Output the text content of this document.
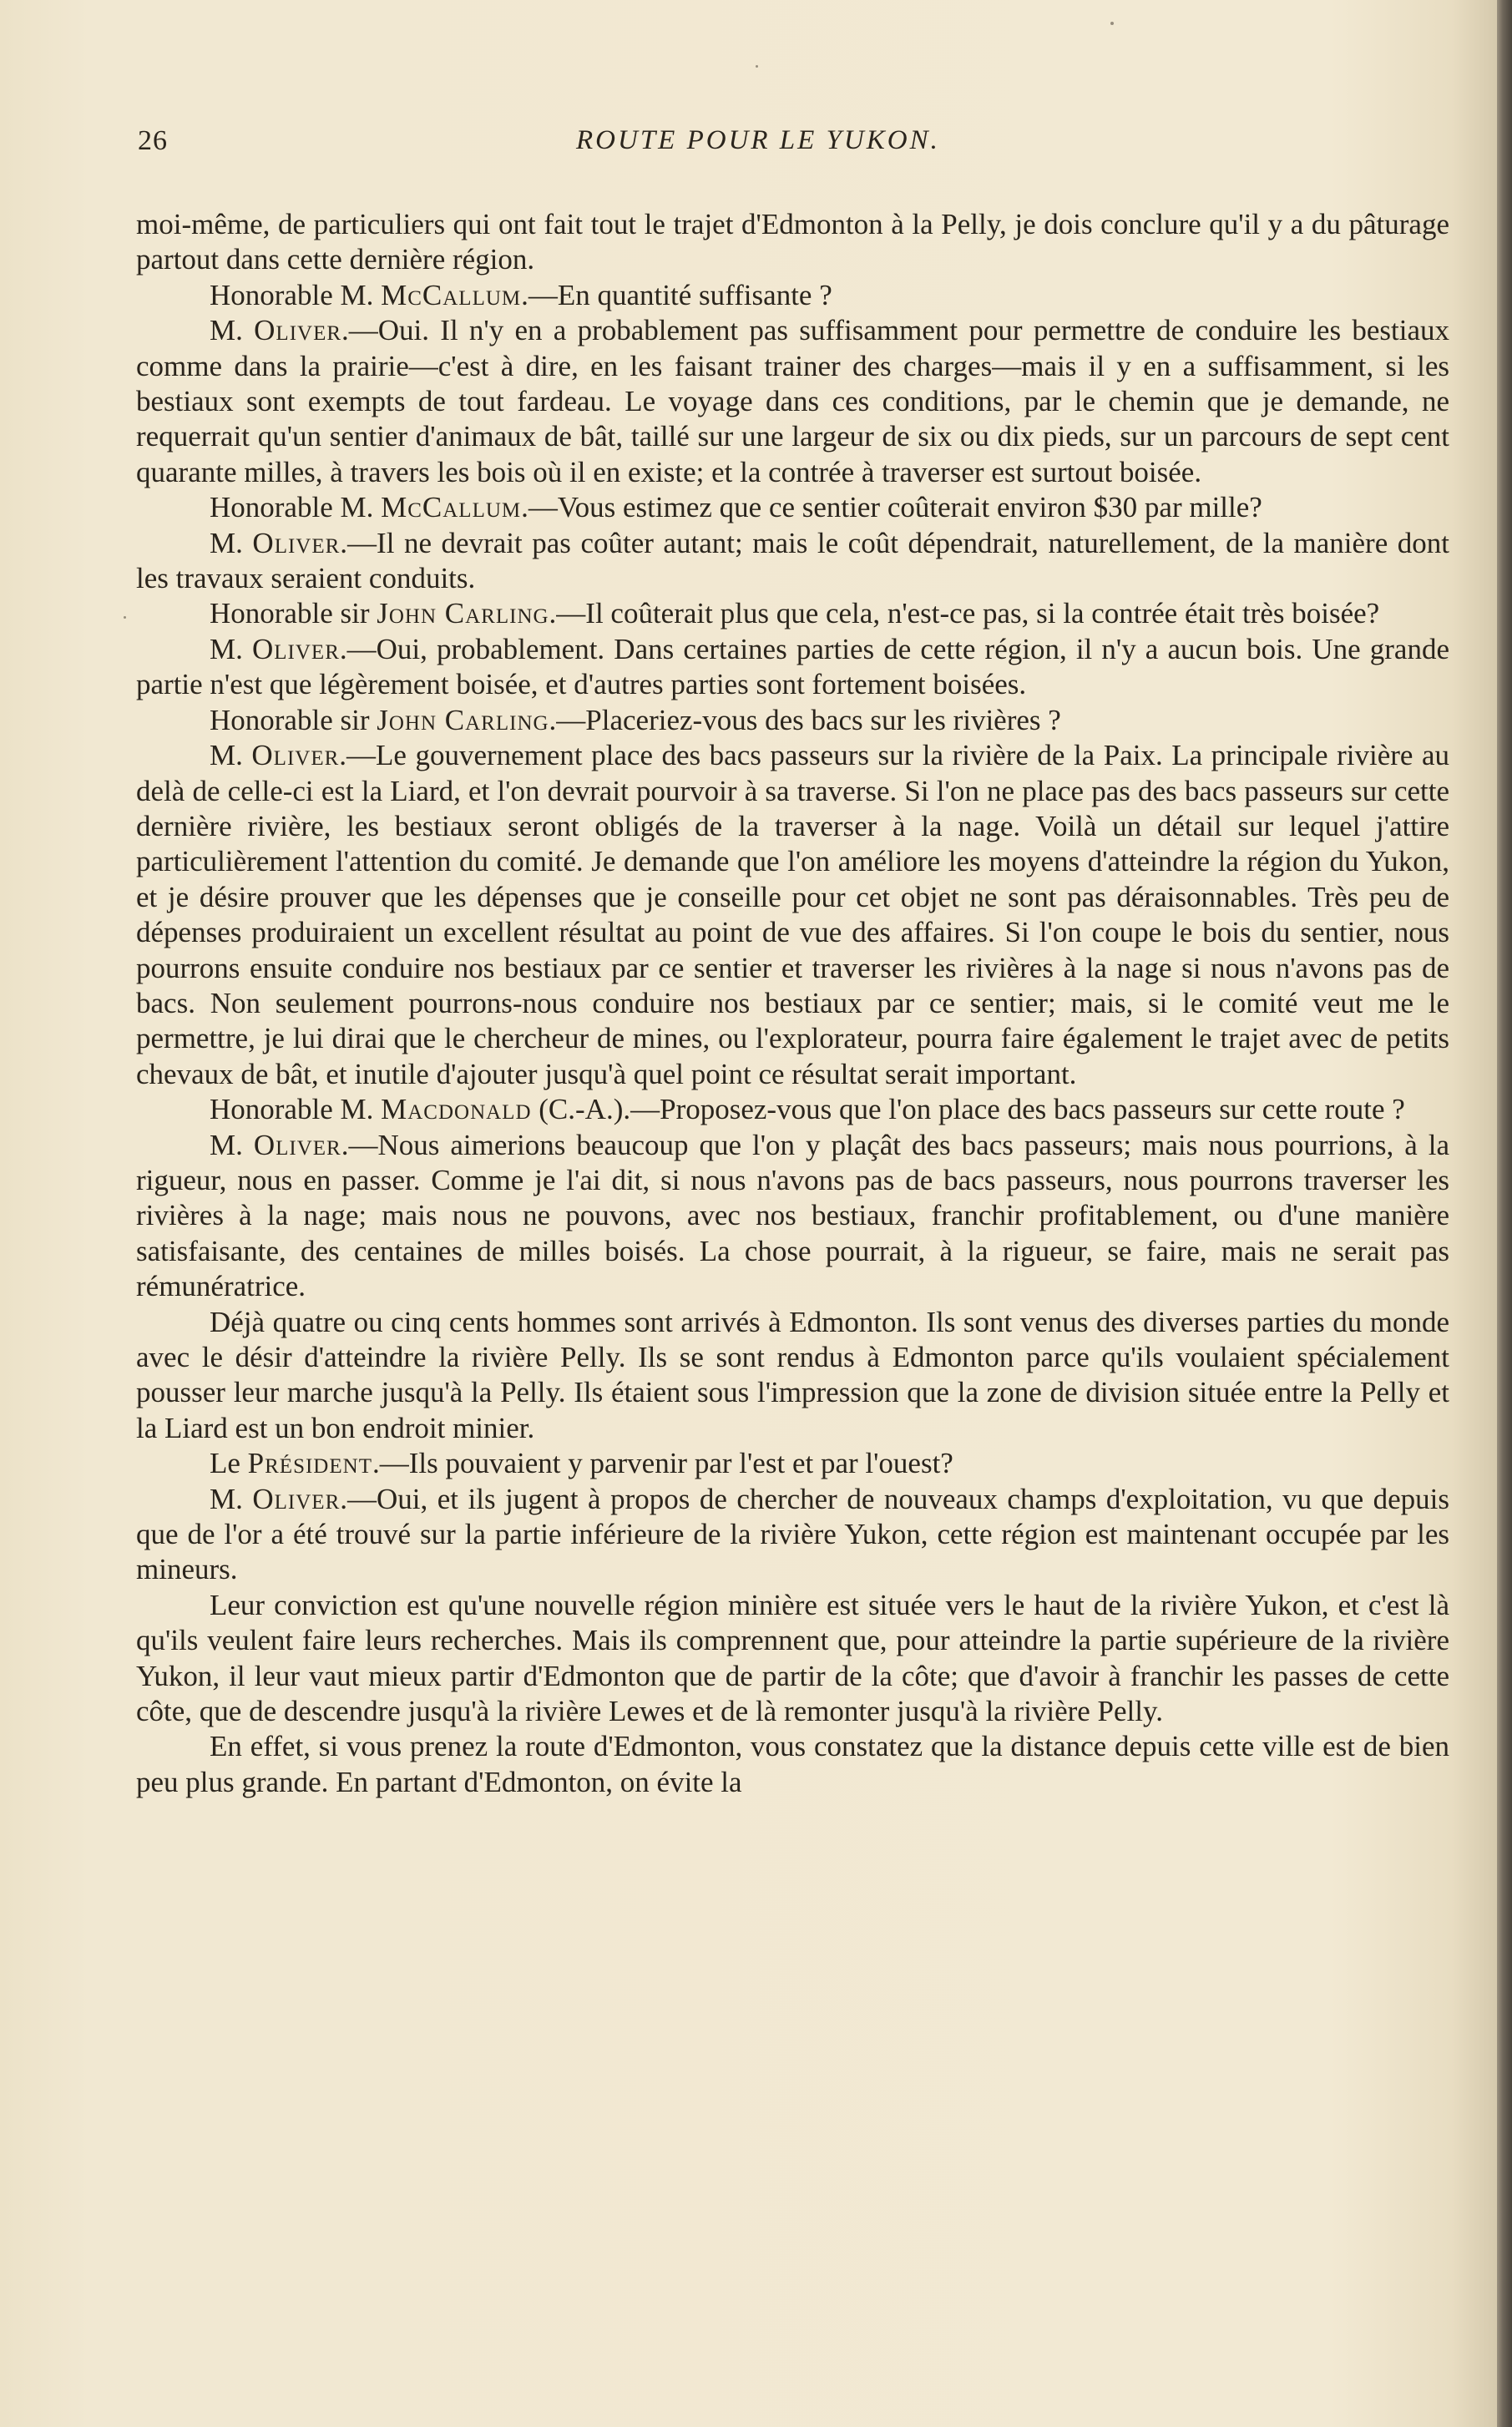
26	ROUTE POUR LE YUKON.

moi-même, de particuliers qui ont fait tout le trajet d'Edmonton à la Pelly, je dois conclure qu'il y a du pâturage partout dans cette dernière région.

Honorable M. McCallum.—En quantité suffisante ?

M. Oliver.—Oui. Il n'y en a probablement pas suffisamment pour permettre de conduire les bestiaux comme dans la prairie—c'est à dire, en les faisant trainer des charges—mais il y en a suffisamment, si les bestiaux sont exempts de tout fardeau. Le voyage dans ces conditions, par le chemin que je demande, ne requerrait qu'un sentier d'animaux de bât, taillé sur une largeur de six ou dix pieds, sur un parcours de sept cent quarante milles, à travers les bois où il en existe; et la contrée à traverser est surtout boisée.

Honorable M. McCallum.—Vous estimez que ce sentier coûterait environ $30 par mille?

M. Oliver.—Il ne devrait pas coûter autant; mais le coût dépendrait, naturellement, de la manière dont les travaux seraient conduits.

Honorable sir John Carling.—Il coûterait plus que cela, n'est-ce pas, si la contrée était très boisée?

M. Oliver.—Oui, probablement. Dans certaines parties de cette région, il n'y a aucun bois. Une grande partie n'est que légèrement boisée, et d'autres parties sont fortement boisées.

Honorable sir John Carling.—Placeriez-vous des bacs sur les rivières ?

M. Oliver.—Le gouvernement place des bacs passeurs sur la rivière de la Paix. La principale rivière au delà de celle-ci est la Liard, et l'on devrait pourvoir à sa traverse. Si l'on ne place pas des bacs passeurs sur cette dernière rivière, les bestiaux seront obligés de la traverser à la nage. Voilà un détail sur lequel j'attire particulièrement l'attention du comité. Je demande que l'on améliore les moyens d'atteindre la région du Yukon, et je désire prouver que les dépenses que je conseille pour cet objet ne sont pas déraisonnables. Très peu de dépenses produiraient un excellent résultat au point de vue des affaires. Si l'on coupe le bois du sentier, nous pourrons ensuite conduire nos bestiaux par ce sentier et traverser les rivières à la nage si nous n'avons pas de bacs. Non seulement pourrons-nous conduire nos bestiaux par ce sentier; mais, si le comité veut me le permettre, je lui dirai que le chercheur de mines, ou l'explorateur, pourra faire également le trajet avec de petits chevaux de bât, et inutile d'ajouter jusqu'à quel point ce résultat serait important.

Honorable M. Macdonald (C.-A.).—Proposez-vous que l'on place des bacs passeurs sur cette route ?

M. Oliver.—Nous aimerions beaucoup que l'on y plaçât des bacs passeurs; mais nous pourrions, à la rigueur, nous en passer. Comme je l'ai dit, si nous n'avons pas de bacs passeurs, nous pourrons traverser les rivières à la nage; mais nous ne pouvons, avec nos bestiaux, franchir profitablement, ou d'une manière satisfaisante, des centaines de milles boisés. La chose pourrait, à la rigueur, se faire, mais ne serait pas rémunératrice.

Déjà quatre ou cinq cents hommes sont arrivés à Edmonton. Ils sont venus des diverses parties du monde avec le désir d'atteindre la rivière Pelly. Ils se sont rendus à Edmonton parce qu'ils voulaient spécialement pousser leur marche jusqu'à la Pelly. Ils étaient sous l'impression que la zone de division située entre la Pelly et la Liard est un bon endroit minier.

Le Président.—Ils pouvaient y parvenir par l'est et par l'ouest?

M. Oliver.—Oui, et ils jugent à propos de chercher de nouveaux champs d'exploitation, vu que depuis que de l'or a été trouvé sur la partie inférieure de la rivière Yukon, cette région est maintenant occupée par les mineurs.

Leur conviction est qu'une nouvelle région minière est située vers le haut de la rivière Yukon, et c'est là qu'ils veulent faire leurs recherches. Mais ils comprennent que, pour atteindre la partie supérieure de la rivière Yukon, il leur vaut mieux partir d'Edmonton que de partir de la côte; que d'avoir à franchir les passes de cette côte, que de descendre jusqu'à la rivière Lewes et de là remonter jusqu'à la rivière Pelly.

En effet, si vous prenez la route d'Edmonton, vous constatez que la distance depuis cette ville est de bien peu plus grande. En partant d'Edmonton, on évite la
